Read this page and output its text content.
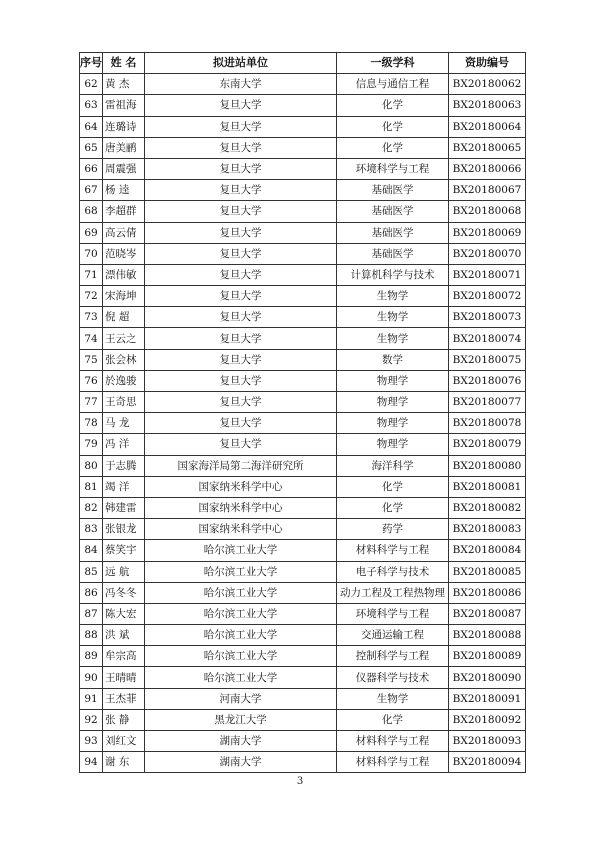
序号	姓 名	拟进站单位	一级学科	资助编号
62	黄 杰	东南大学	信息与通信工程	BX20180062
63	雷祖海	复旦大学	化学	BX20180063
64	连璐诗	复旦大学	化学	BX20180064
65	唐美鹂	复旦大学	化学	BX20180065
66	周震强	复旦大学	环境科学与工程	BX20180066
67	杨 逵	复旦大学	基础医学	BX20180067
68	李超群	复旦大学	基础医学	BX20180068
69	高云倩	复旦大学	基础医学	BX20180069
70	范晓岑	复旦大学	基础医学	BX20180070
71	漂伟敏	复旦大学	计算机科学与技术	BX20180071
72	宋海坤	复旦大学	生物学	BX20180072
73	倪 超	复旦大学	生物学	BX20180073
74	王云之	复旦大学	生物学	BX20180074
75	张会林	复旦大学	数学	BX20180075
76	於逸骏	复旦大学	物理学	BX20180076
77	王奇思	复旦大学	物理学	BX20180077
78	马 龙	复旦大学	物理学	BX20180078
79	冯 洋	复旦大学	物理学	BX20180079
80	于志腾	国家海洋局第二海洋研究所	海洋科学	BX20180080
81	竭 洋	国家纳米科学中心	化学	BX20180081
82	韩建雷	国家纳米科学中心	化学	BX20180082
83	张银龙	国家纳米科学中心	药学	BX20180083
84	蔡笑宇	哈尔滨工业大学	材料科学与工程	BX20180084
85	远 航	哈尔滨工业大学	电子科学与技术	BX20180085
86	冯冬冬	哈尔滨工业大学	动力工程及工程热物理	BX20180086
87	陈大宏	哈尔滨工业大学	环境科学与工程	BX20180087
88	洪 斌	哈尔滨工业大学	交通运输工程	BX20180088
89	牟宗高	哈尔滨工业大学	控制科学与工程	BX20180089
90	王晴晴	哈尔滨工业大学	仪器科学与技术	BX20180090
91	王杰菲	河南大学	生物学	BX20180091
92	张 静	黑龙江大学	化学	BX20180092
93	刘红文	湖南大学	材料科学与工程	BX20180093
94	谢 东	湖南大学	材料科学与工程	BX20180094
3
